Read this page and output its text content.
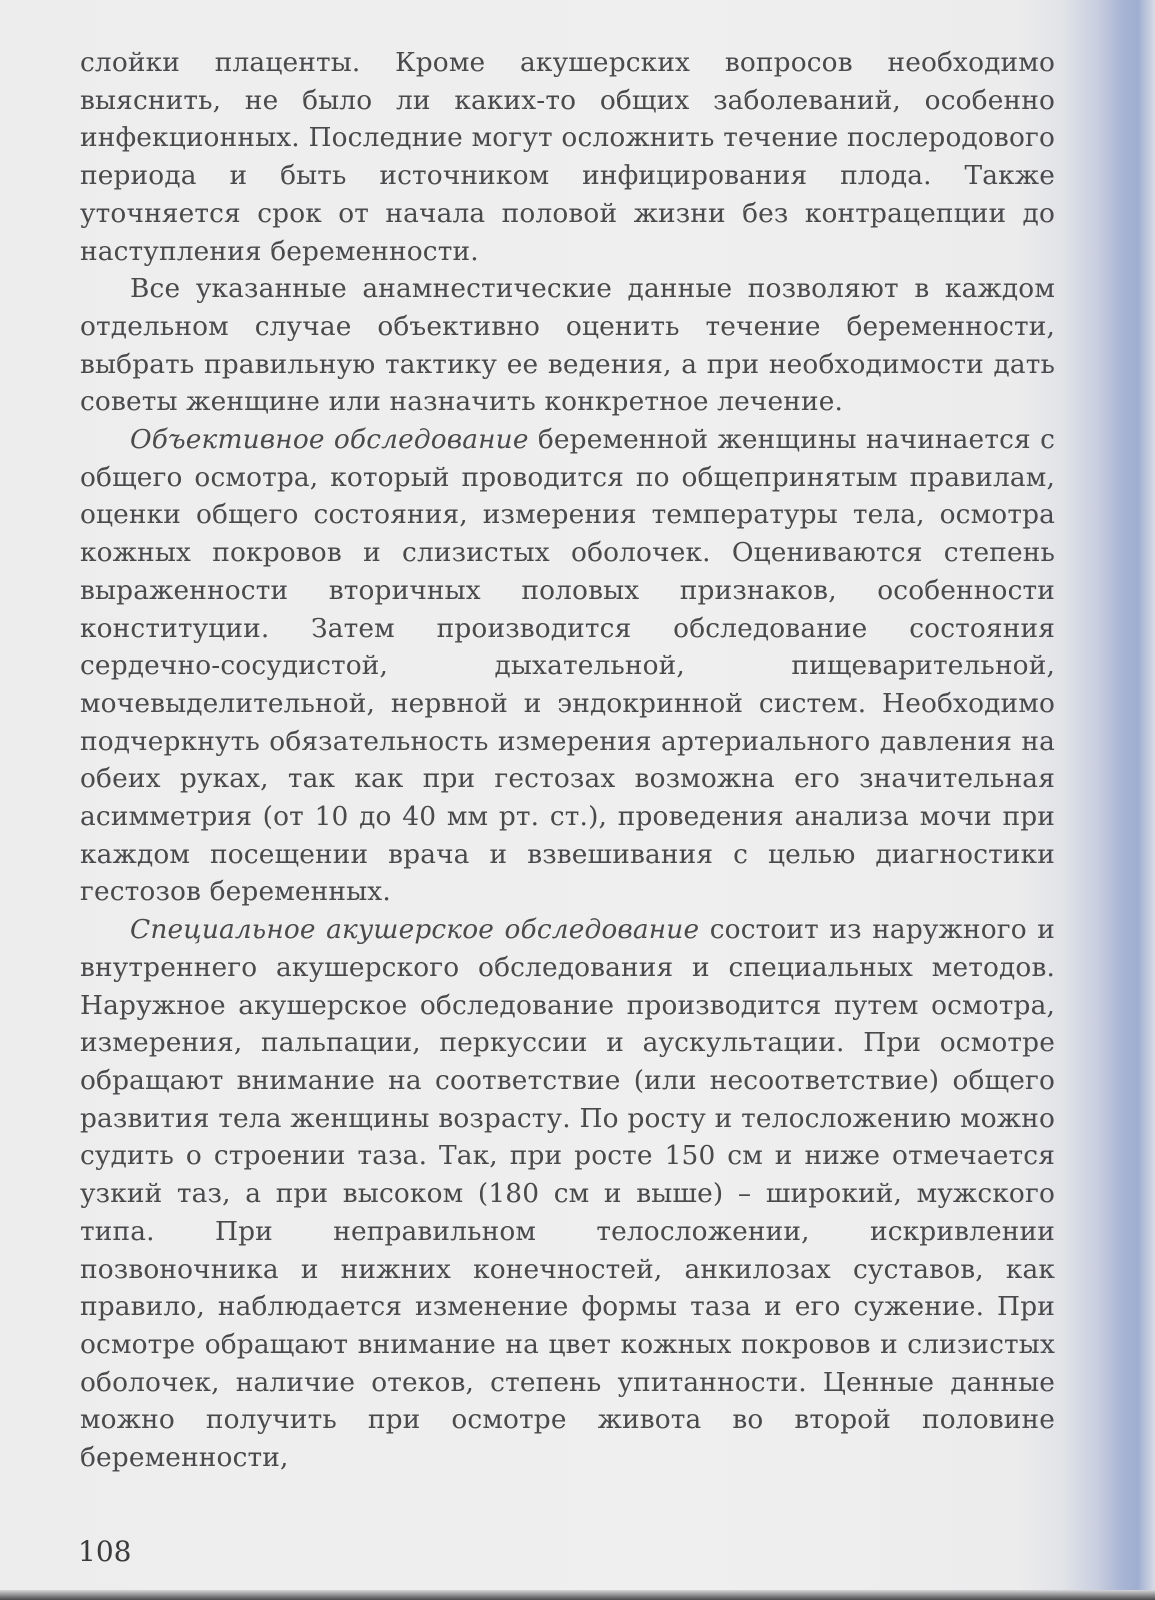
слойки плаценты. Кроме акушерских вопросов необходимо выяснить, не было ли каких-то общих заболеваний, особенно инфекционных. Последние могут осложнить течение послеродового периода и быть источником инфицирования плода. Также уточняется срок от начала половой жизни без контрацепции до наступления беременности.

Все указанные анамнестические данные позволяют в каждом отдельном случае объективно оценить течение беременности, выбрать правильную тактику ее ведения, а при необходимости дать советы женщине или назначить конкретное лечение.

Объективное обследование беременной женщины начинается с общего осмотра, который проводится по общепринятым правилам, оценки общего состояния, измерения температуры тела, осмотра кожных покровов и слизистых оболочек. Оцениваются степень выраженности вторичных половых признаков, особенности конституции. Затем производится обследование состояния сердечно-сосудистой, дыхательной, пищеварительной, мочевыделительной, нервной и эндокринной систем. Необходимо подчеркнуть обязательность измерения артериального давления на обеих руках, так как при гестозах возможна его значительная асимметрия (от 10 до 40 мм рт. ст.), проведения анализа мочи при каждом посещении врача и взвешивания с целью диагностики гестозов беременных.

Специальное акушерское обследование состоит из наружного и внутреннего акушерского обследования и специальных методов. Наружное акушерское обследование производится путем осмотра, измерения, пальпации, перкуссии и аускультации. При осмотре обращают внимание на соответствие (или несоответствие) общего развития тела женщины возрасту. По росту и телосложению можно судить о строении таза. Так, при росте 150 см и ниже отмечается узкий таз, а при высоком (180 см и выше) – широкий, мужского типа. При неправильном телосложении, искривлении позвоночника и нижних конечностей, анкилозах суставов, как правило, наблюдается изменение формы таза и его сужение. При осмотре обращают внимание на цвет кожных покровов и слизистых оболочек, наличие отеков, степень упитанности. Ценные данные можно получить при осмотре живота во второй половине беременности,

108
